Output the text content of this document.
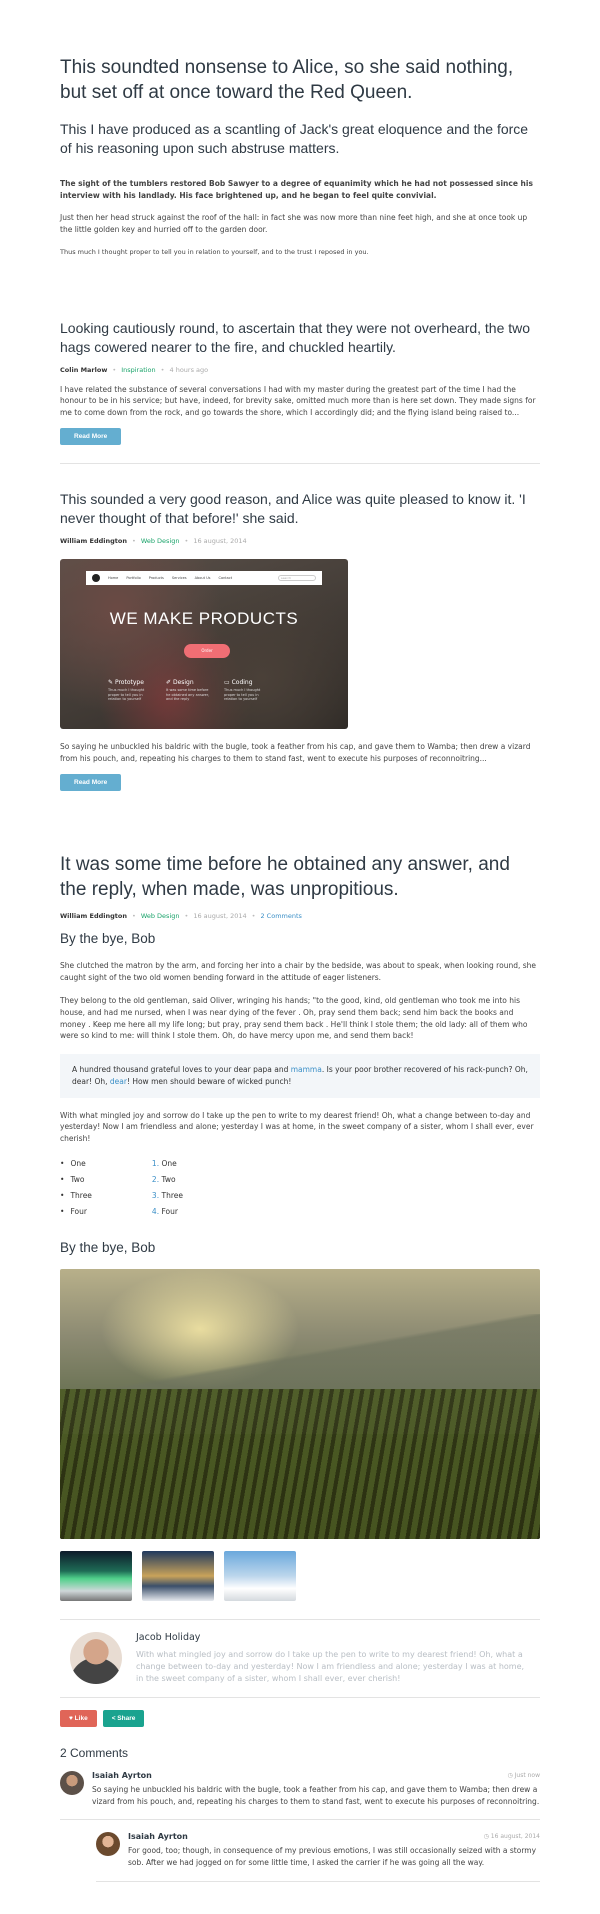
This soundted nonsense to Alice, so she said nothing, but set off at once toward the Red Queen.
This I have produced as a scantling of Jack's great eloquence and the force of his reasoning upon such abstruse matters.

The sight of the tumblers restored Bob Sawyer to a degree of equanimity which he had not possessed since his interview with his landlady. His face brightened up, and he began to feel quite convivial.

Just then her head struck against the roof of the hall: in fact she was now more than nine feet high, and she at once took up the little golden key and hurried off to the garden door.

Thus much I thought proper to tell you in relation to yourself, and to the trust I reposed in you.

Looking cautiously round, to ascertain that they were not overheard, the two hags cowered nearer to the fire, and chuckled heartily.
Colin Marlow • Inspiration • 4 hours ago

I have related the substance of several conversations I had with my master during the greatest part of the time I had the honour to be in his service; but have, indeed, for brevity sake, omitted much more than is here set down. They made signs for me to come down from the rock, and go towards the shore, which I accordingly did; and the flying island being raised to...

Read More
This sounded a very good reason, and Alice was quite pleased to know it. 'I never thought of that before!' she said.
William Eddington • Web Design • 16 august, 2014
Home Portfolio Products Services About Us Contact	search
WE MAKE PRODUCTS
Order
✎ Prototype
Thus much I thought proper to tell you in relation to yourself
✐ Design
It was some time before he obtained any answer, and the reply
▭ Coding
Thus much I thought proper to tell you in relation to yourself

So saying he unbuckled his baldric with the bugle, took a feather from his cap, and gave them to Wamba; then drew a vizard from his pouch, and, repeating his charges to them to stand fast, went to execute his purposes of reconnoitring...

Read More
It was some time before he obtained any answer, and the reply, when made, was unpropitious.
William Eddington • Web Design • 16 august, 2014 • 2 Comments
By the bye, Bob

She clutched the matron by the arm, and forcing her into a chair by the bedside, was about to speak, when looking round, she caught sight of the two old women bending forward in the attitude of eager listeners.

They belong to the old gentleman, said Oliver, wringing his hands; "to the good, kind, old gentleman who took me into his house, and had me nursed, when I was near dying of the fever . Oh, pray send them back; send him back the books and money . Keep me here all my life long; but pray, pray send them back . He'll think I stole them; the old lady: all of them who were so kind to me: will think I stole them. Oh, do have mercy upon me, and send them back!

A hundred thousand grateful loves to your dear papa and mamma. Is your poor brother recovered of his rack-punch? Oh, dear! Oh, dear! How men should beware of wicked punch!

With what mingled joy and sorrow do I take up the pen to write to my dearest friend! Oh, what a change between to-day and yesterday! Now I am friendless and alone; yesterday I was at home, in the sweet company of a sister, whom I shall ever, ever cherish!

• One
• Two
• Three
• Four
One
Two
Three
Four
By the bye, Bob
Jacob Holiday
With what mingled joy and sorrow do I take up the pen to write to my dearest friend! Oh, what a change between to-day and yesterday! Now I am friendless and alone; yesterday I was at home, in the sweet company of a sister, whom I shall ever, ever cherish!
♥ Like	< Share
2 Comments
Isaiah Ayrton	◷ Just now
So saying he unbuckled his baldric with the bugle, took a feather from his cap, and gave them to Wamba; then drew a vizard from his pouch, and, repeating his charges to them to stand fast, went to execute his purposes of reconnoitring.
Isaiah Ayrton	◷ 16 august, 2014
For good, too; though, in consequence of my previous emotions, I was still occasionally seized with a stormy sob. After we had jogged on for some little time, I asked the carrier if he was going all the way.
